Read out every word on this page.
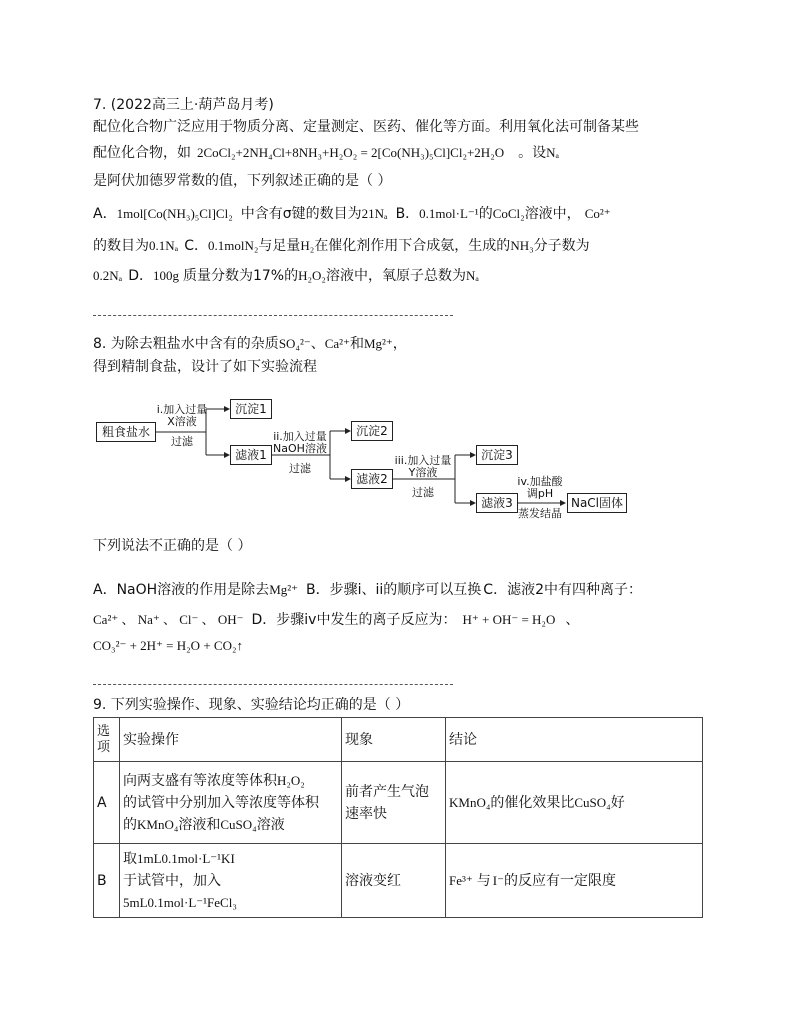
7. (2022高三上·葫芦岛月考)
配位化合物广泛应用于物质分离、定量测定、医药、催化等方面。利用氧化法可制备某些
配位化合物，如 2CoCl₂+2NH₄Cl+8NH₃+H₂O₂ = 2[Co(NH₃)₅Cl]Cl₂+2H₂O 。设Nₐ
是阿伏加德罗常数的值，下列叙述正确的是（ ）
A．1mol[Co(NH₃)₅Cl]Cl₂ 中含有σ键的数目为21Nₐ B．0.1mol·L⁻¹的CoCl₂溶液中， Co²⁺
的数目为0.1Nₐ C．0.1molN₂与足量H₂在催化剂作用下合成氨，生成的NH₃分子数为
0.2Nₐ D．100g 质量分数为17%的H₂O₂溶液中，氧原子总数为Nₐ
8. 为除去粗盐水中含有的杂质SO₄²⁻、Ca²⁺和Mg²⁺，
得到精制食盐，设计了如下实验流程
粗食盐水
i.加入过量
X溶液
过滤
沉淀1
滤液1
ii.加入过量
NaOH溶液
过滤
沉淀2
滤液2
iii.加入过量
Y溶液
过滤
沉淀3
滤液3
iv.加盐酸
调pH
蒸发结晶
NaCl固体
下列说法不正确的是（ ）
A．NaOH溶液的作用是除去Mg²⁺ B．步骤i、ii的顺序可以互换 C．滤液2中有四种离子：
Ca²⁺ 、 Na⁺ 、 Cl⁻ 、 OH⁻ D．步骤iv中发生的离子反应为： H⁺ + OH⁻ = H₂O 、
CO₃²⁻ + 2H⁺ = H₂O + CO₂↑
9. 下列实验操作、现象、实验结论均正确的是（ ）
选项	实验操作	现象	结论
A	向两支盛有等浓度等体积H₂O₂
的试管中分别加入等浓度等体积
的KMnO₄溶液和CuSO₄溶液	前者产生气泡速率快	KMnO₄的催化效果比CuSO₄好
B	取1mL0.1mol·L⁻¹KI
于试管中，加入
5mL0.1mol·L⁻¹FeCl₃	溶液变红	Fe³⁺ 与 I⁻的反应有一定限度
